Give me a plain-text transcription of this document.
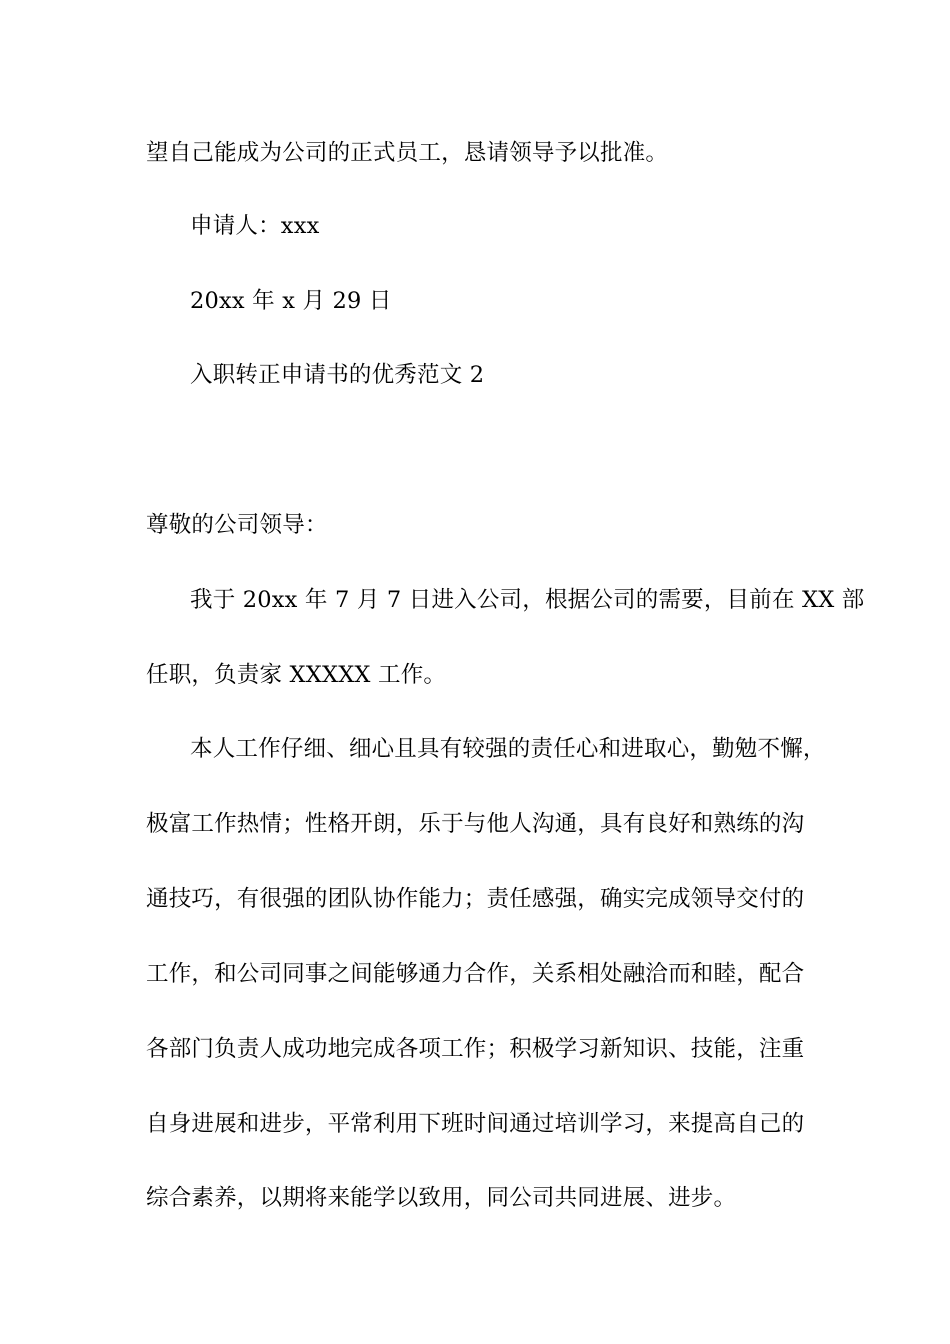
望自己能成为公司的正式员工，恳请领导予以批准。
申请人：xxx
20xx 年 x 月 29 日
入职转正申请书的优秀范文 2
尊敬的公司领导：
我于 20xx 年 7 月 7 日进入公司，根据公司的需要，目前在 XX 部
任职，负责家 XXXXX 工作。
本人工作仔细、细心且具有较强的责任心和进取心，勤勉不懈，
极富工作热情；性格开朗，乐于与他人沟通，具有良好和熟练的沟
通技巧，有很强的团队协作能力；责任感强，确实完成领导交付的
工作，和公司同事之间能够通力合作，关系相处融洽而和睦，配合
各部门负责人成功地完成各项工作；积极学习新知识、技能，注重
自身进展和进步，平常利用下班时间通过培训学习，来提高自己的
综合素养，以期将来能学以致用，同公司共同进展、进步。
